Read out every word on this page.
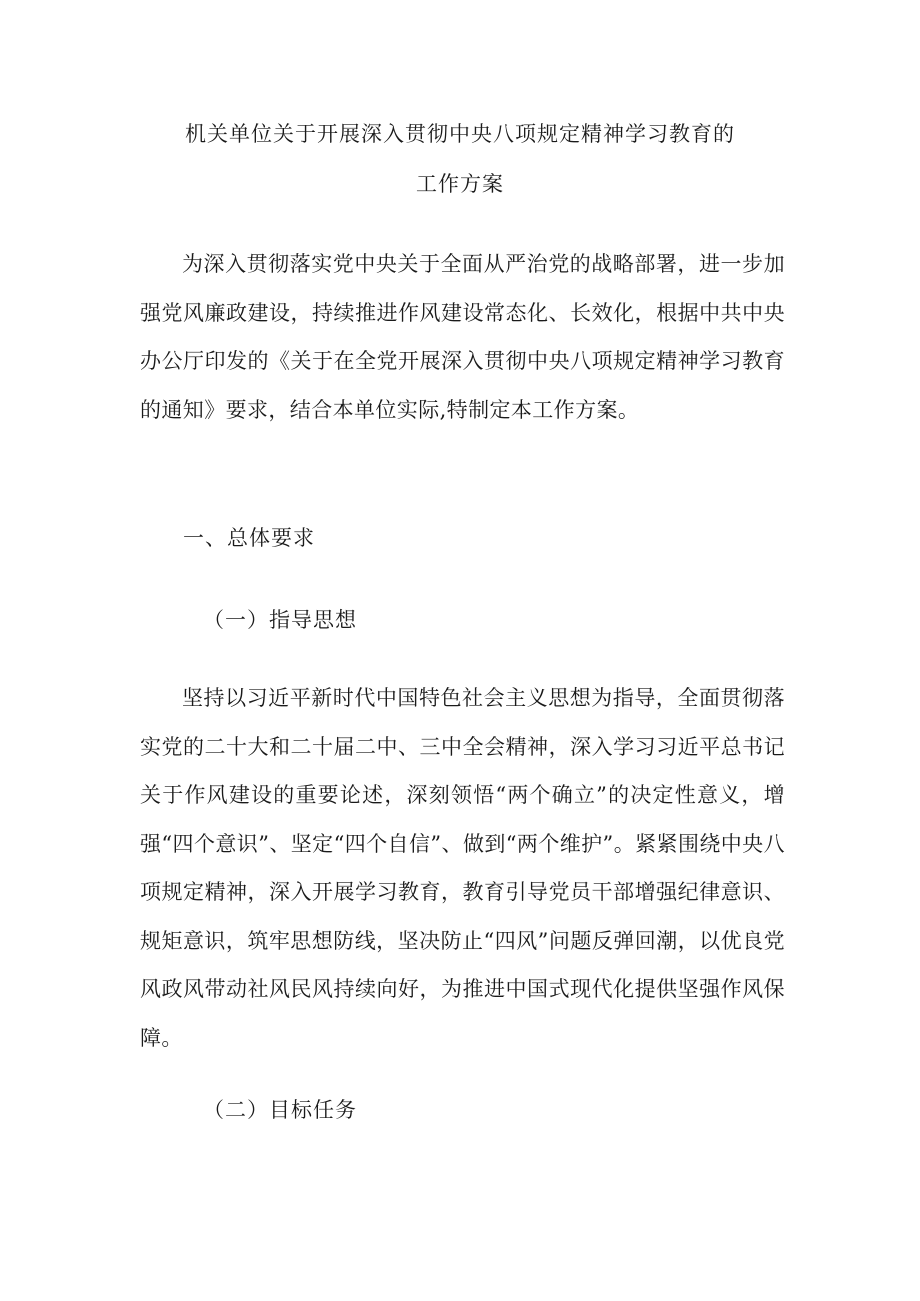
机关单位关于开展深入贯彻中央八项规定精神学习教育的
工作方案
为深入贯彻落实党中央关于全面从严治党的战略部署，进一步加强党风廉政建设，持续推进作风建设常态化、长效化，根据中共中央办公厅印发的《关于在全党开展深入贯彻中央八项规定精神学习教育的通知》要求，结合本单位实际,特制定本工作方案。
一、总体要求
（一）指导思想
坚持以习近平新时代中国特色社会主义思想为指导，全面贯彻落实党的二十大和二十届二中、三中全会精神，深入学习习近平总书记关于作风建设的重要论述，深刻领悟“两个确立”的决定性意义，增强“四个意识”、坚定“四个自信”、做到“两个维护”。紧紧围绕中央八项规定精神，深入开展学习教育，教育引导党员干部增强纪律意识、规矩意识，筑牢思想防线，坚决防止“四风”问题反弹回潮，以优良党风政风带动社风民风持续向好，为推进中国式现代化提供坚强作风保障。
（二）目标任务
